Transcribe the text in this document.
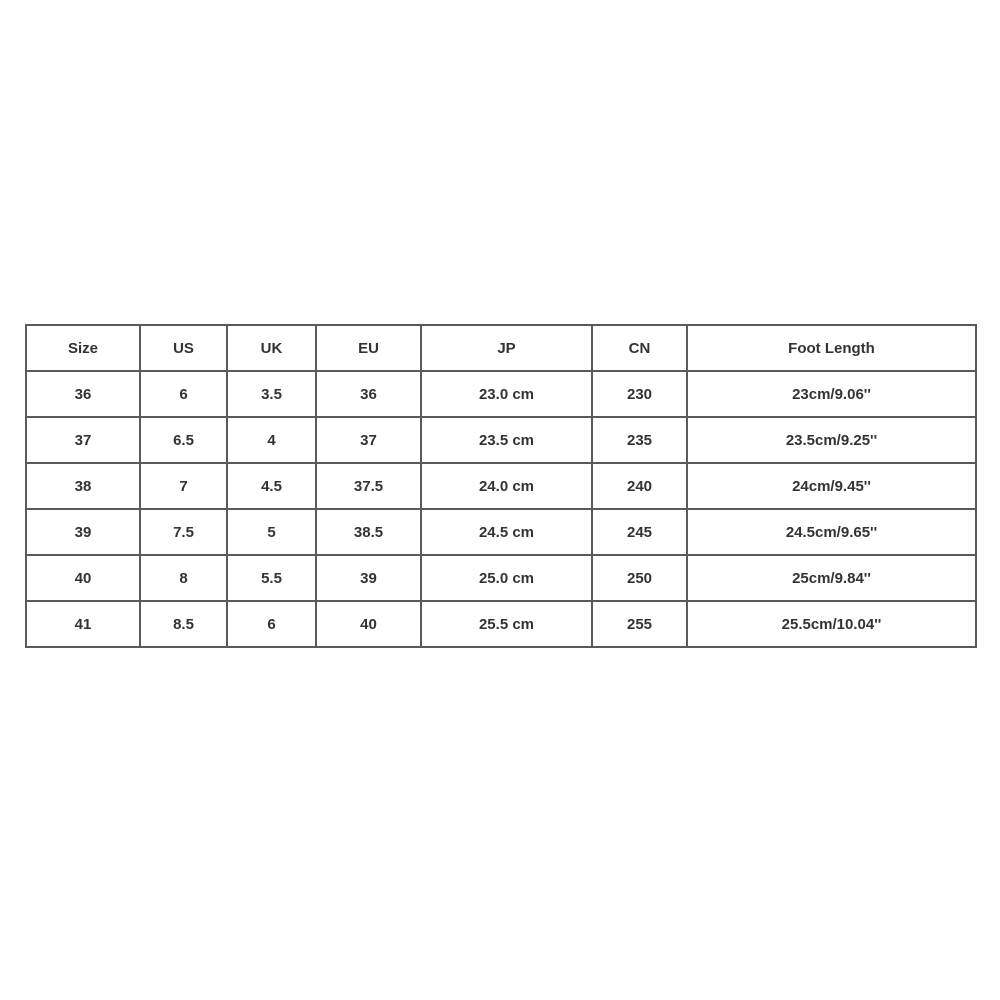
Size	US	UK	EU	JP	CN	Foot Length
36	6	3.5	36	23.0 cm	230	23cm/9.06''
37	6.5	4	37	23.5 cm	235	23.5cm/9.25''
38	7	4.5	37.5	24.0 cm	240	24cm/9.45''
39	7.5	5	38.5	24.5 cm	245	24.5cm/9.65''
40	8	5.5	39	25.0 cm	250	25cm/9.84''
41	8.5	6	40	25.5 cm	255	25.5cm/10.04''
